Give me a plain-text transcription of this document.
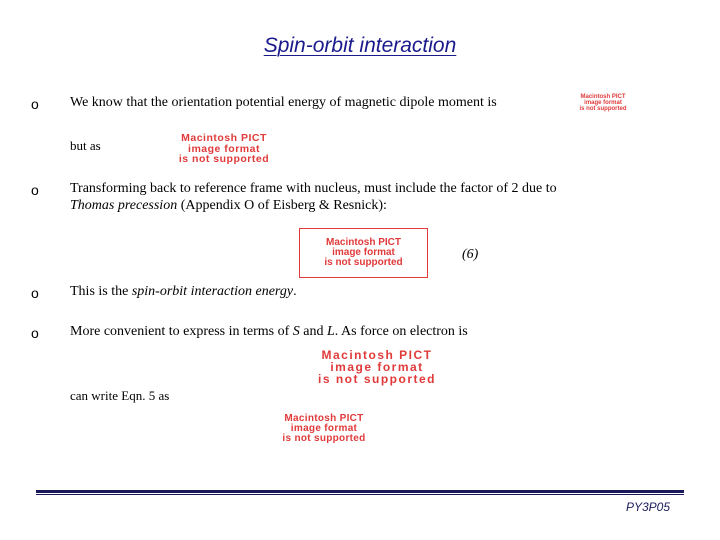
Spin-orbit interaction
o We know that the orientation potential energy of magnetic dipole moment is	Macintosh PICT
image format
is not supported
but as	Macintosh PICT
image format
is not supported
o Transforming back to reference frame with nucleus, must include the factor of 2 due to
Thomas precession (Appendix O of Eisberg & Resnick):
Macintosh PICT
image format
is not supported
(6)
o This is the spin-orbit interaction energy.
o More convenient to express in terms of S and L. As force on electron is
Macintosh PICT
image format
is not supported
can write Eqn. 5 as
Macintosh PICT
image format
is not supported
PY3P05
